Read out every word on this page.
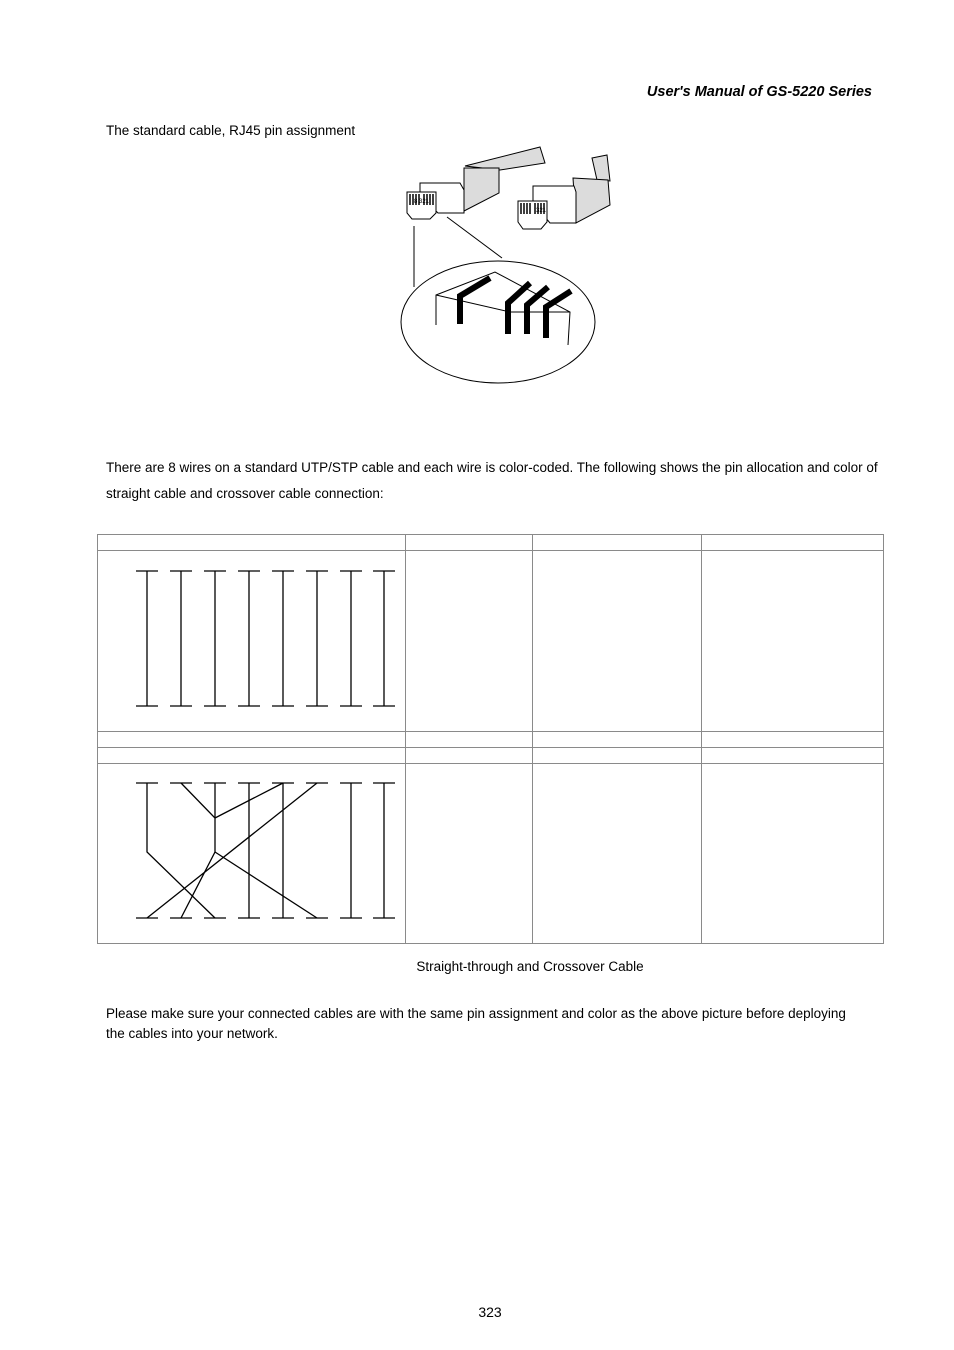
User's Manual of GS-5220 Series
The standard cable, RJ45 pin assignment
8 321
321
There are 8 wires on a standard UTP/STP cable and each wire is color-coded. The following shows the pin allocation and color of straight cable and crossover cable connection:
Straight-through and Crossover Cable
Please make sure your connected cables are with the same pin assignment and color as the above picture before deploying the cables into your network.
323
